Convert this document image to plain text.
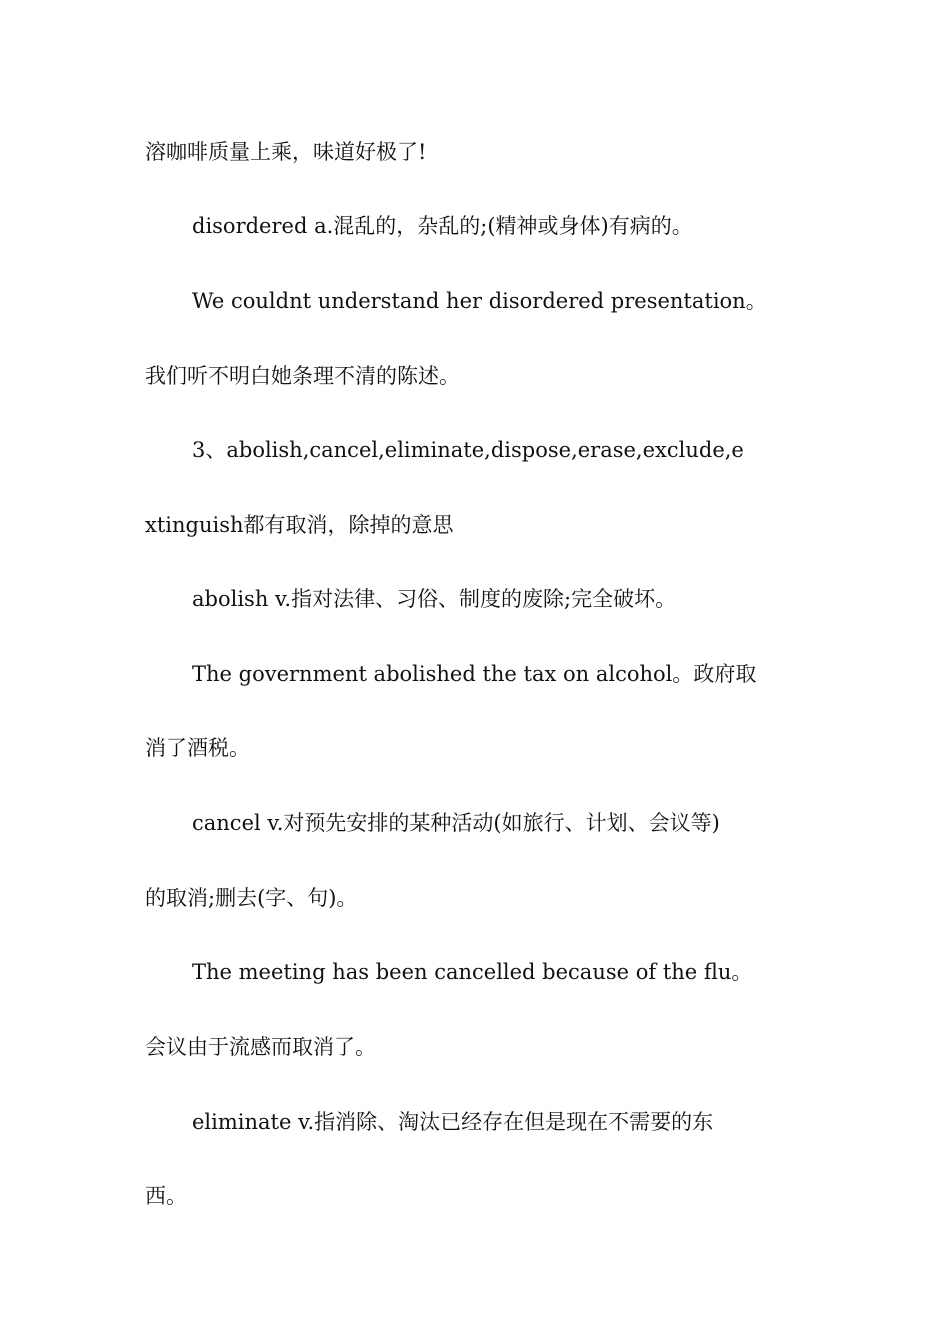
溶咖啡质量上乘，味道好极了!
disordered a.混乱的，杂乱的;(精神或身体)有病的。
We couldnt understand her disordered presentation。
我们听不明白她条理不清的陈述。
3、abolish,cancel,eliminate,dispose,erase,exclude,e
xtinguish都有取消，除掉的意思
abolish v.指对法律、习俗、制度的废除;完全破坏。
The government abolished the tax on alcohol。政府取
消了酒税。
cancel v.对预先安排的某种活动(如旅行、计划、会议等)
的取消;删去(字、句)。
The meeting has been cancelled because of the flu。
会议由于流感而取消了。
eliminate v.指消除、淘汰已经存在但是现在不需要的东
西。
